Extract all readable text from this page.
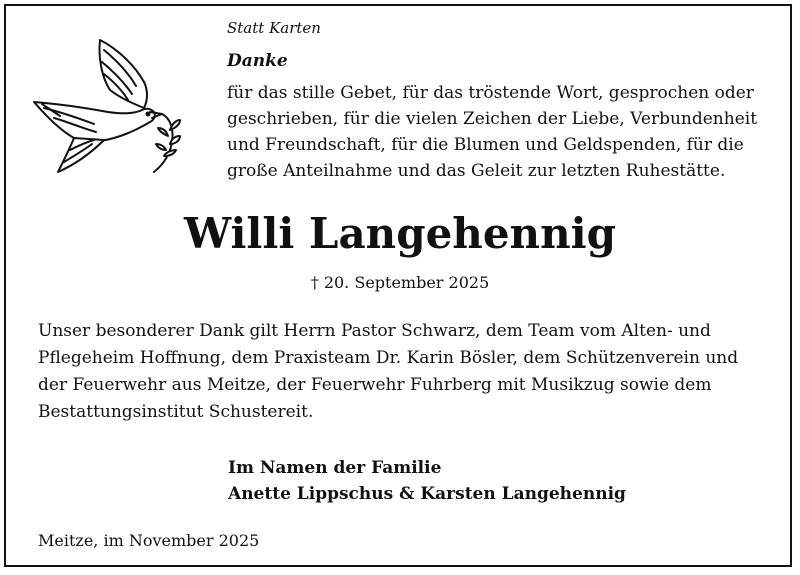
Statt Karten

Danke

für das stille Gebet, für das tröstende Wort, gesprochen oder

geschrieben, für die vielen Zeichen der Liebe, Verbundenheit

und Freundschaft, für die Blumen und Geldspenden, für die

große Anteilnahme und das Geleit zur letzten Ruhestätte.

Willi Langehennig

† 20. September 2025

Unser besonderer Dank gilt Herrn Pastor Schwarz, dem Team vom Alten- und

Pflegeheim Hoffnung, dem Praxisteam Dr. Karin Bösler, dem Schützenverein und

der Feuerwehr aus Meitze, der Feuerwehr Fuhrberg mit Musikzug sowie dem

Bestattungsinstitut Schustereit.

Im Namen der Familie

Anette Lippschus & Karsten Langehennig

Meitze, im November 2025
